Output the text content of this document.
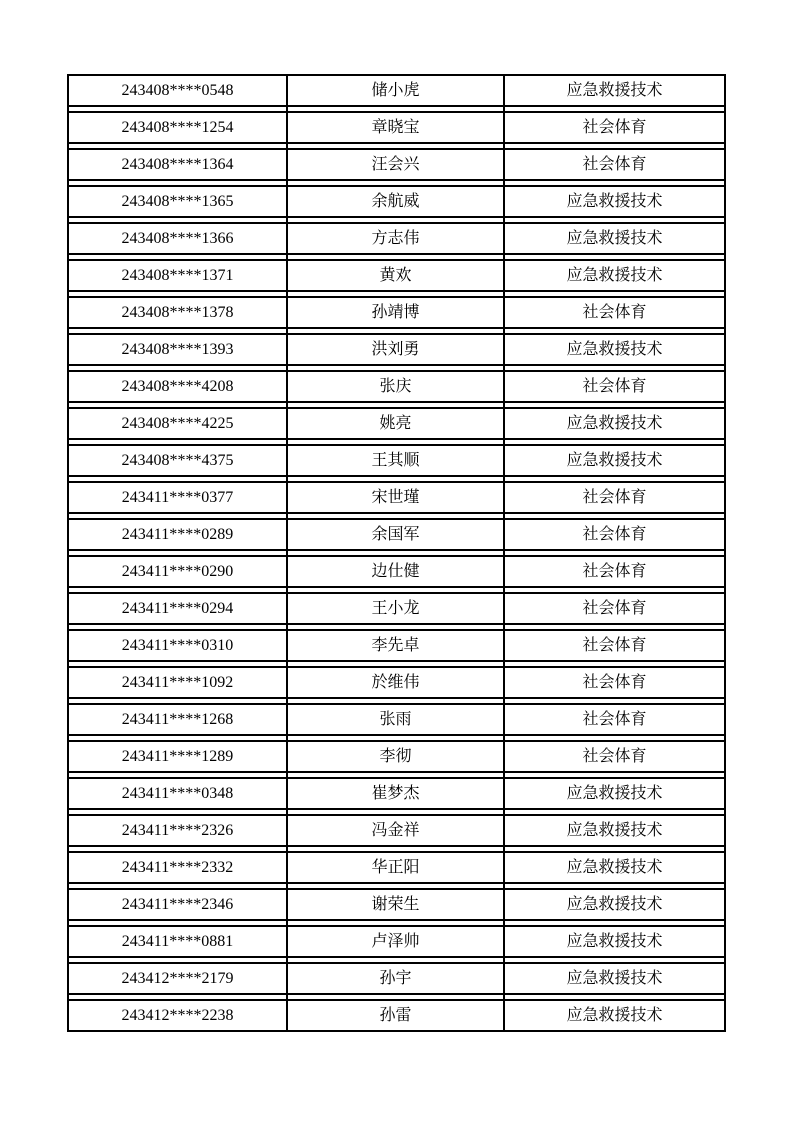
243408****0548	储小虎	应急救援技术

243408****1254	章晓宝	社会体育

243408****1364	汪会兴	社会体育

243408****1365	余航威	应急救援技术

243408****1366	方志伟	应急救援技术

243408****1371	黄欢	应急救援技术

243408****1378	孙靖博	社会体育

243408****1393	洪刘勇	应急救援技术

243408****4208	张庆	社会体育

243408****4225	姚亮	应急救援技术

243408****4375	王其顺	应急救援技术

243411****0377	宋世瑾	社会体育

243411****0289	余国军	社会体育

243411****0290	边仕健	社会体育

243411****0294	王小龙	社会体育

243411****0310	李先卓	社会体育

243411****1092	於维伟	社会体育

243411****1268	张雨	社会体育

243411****1289	李彻	社会体育

243411****0348	崔梦杰	应急救援技术

243411****2326	冯金祥	应急救援技术

243411****2332	华正阳	应急救援技术

243411****2346	谢荣生	应急救援技术

243411****0881	卢泽帅	应急救援技术

243412****2179	孙宇	应急救援技术

243412****2238	孙雷	应急救援技术
